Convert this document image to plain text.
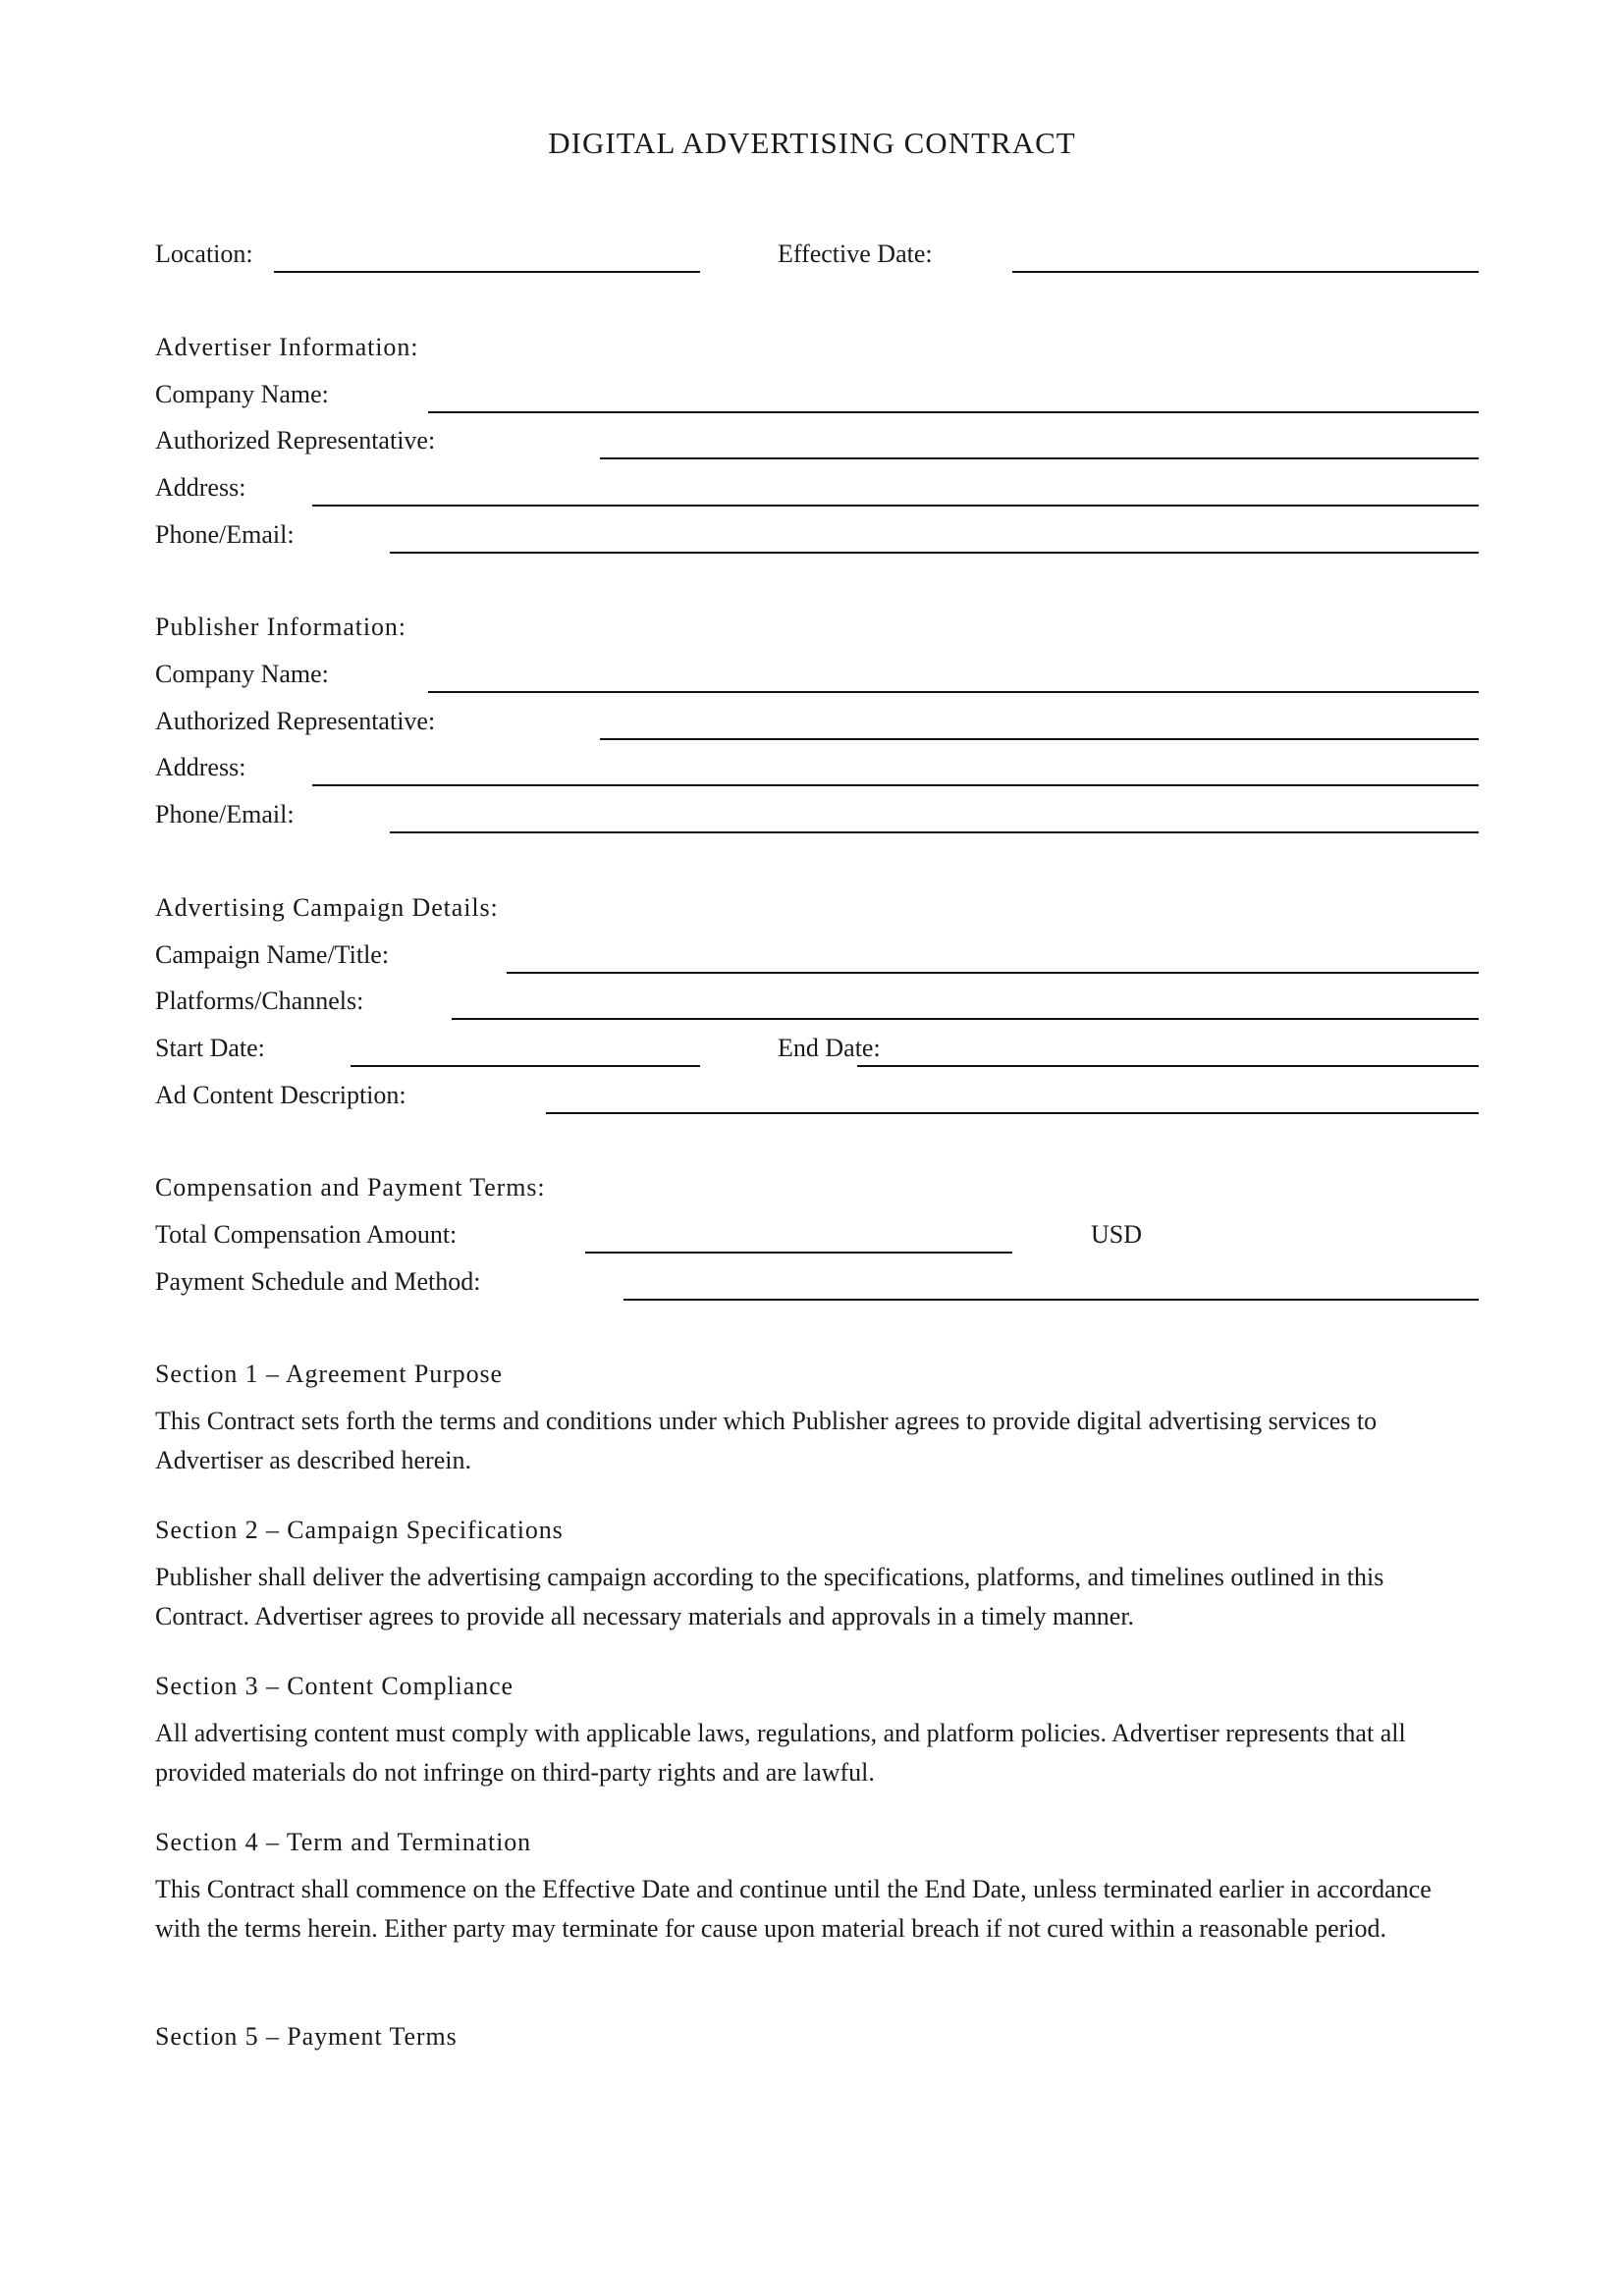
DIGITAL ADVERTISING CONTRACT
Location:	Effective Date:
Advertiser Information:
Company Name:
Authorized Representative:
Address:
Phone/Email:
Publisher Information:
Company Name:
Authorized Representative:
Address:
Phone/Email:
Advertising Campaign Details:
Campaign Name/Title:
Platforms/Channels:
Start Date:	End Date:
Ad Content Description:
Compensation and Payment Terms:
Total Compensation Amount:	USD
Payment Schedule and Method:
Section 1 – Agreement Purpose
This Contract sets forth the terms and conditions under which Publisher agrees to provide digital advertising services to Advertiser as described herein.
Section 2 – Campaign Specifications
Publisher shall deliver the advertising campaign according to the specifications, platforms, and timelines outlined in this Contract. Advertiser agrees to provide all necessary materials and approvals in a timely manner.
Section 3 – Content Compliance
All advertising content must comply with applicable laws, regulations, and platform policies. Advertiser represents that all provided materials do not infringe on third-party rights and are lawful.
Section 4 – Term and Termination
This Contract shall commence on the Effective Date and continue until the End Date, unless terminated earlier in accordance with the terms herein. Either party may terminate for cause upon material breach if not cured within a reasonable period.
Section 5 – Payment Terms
